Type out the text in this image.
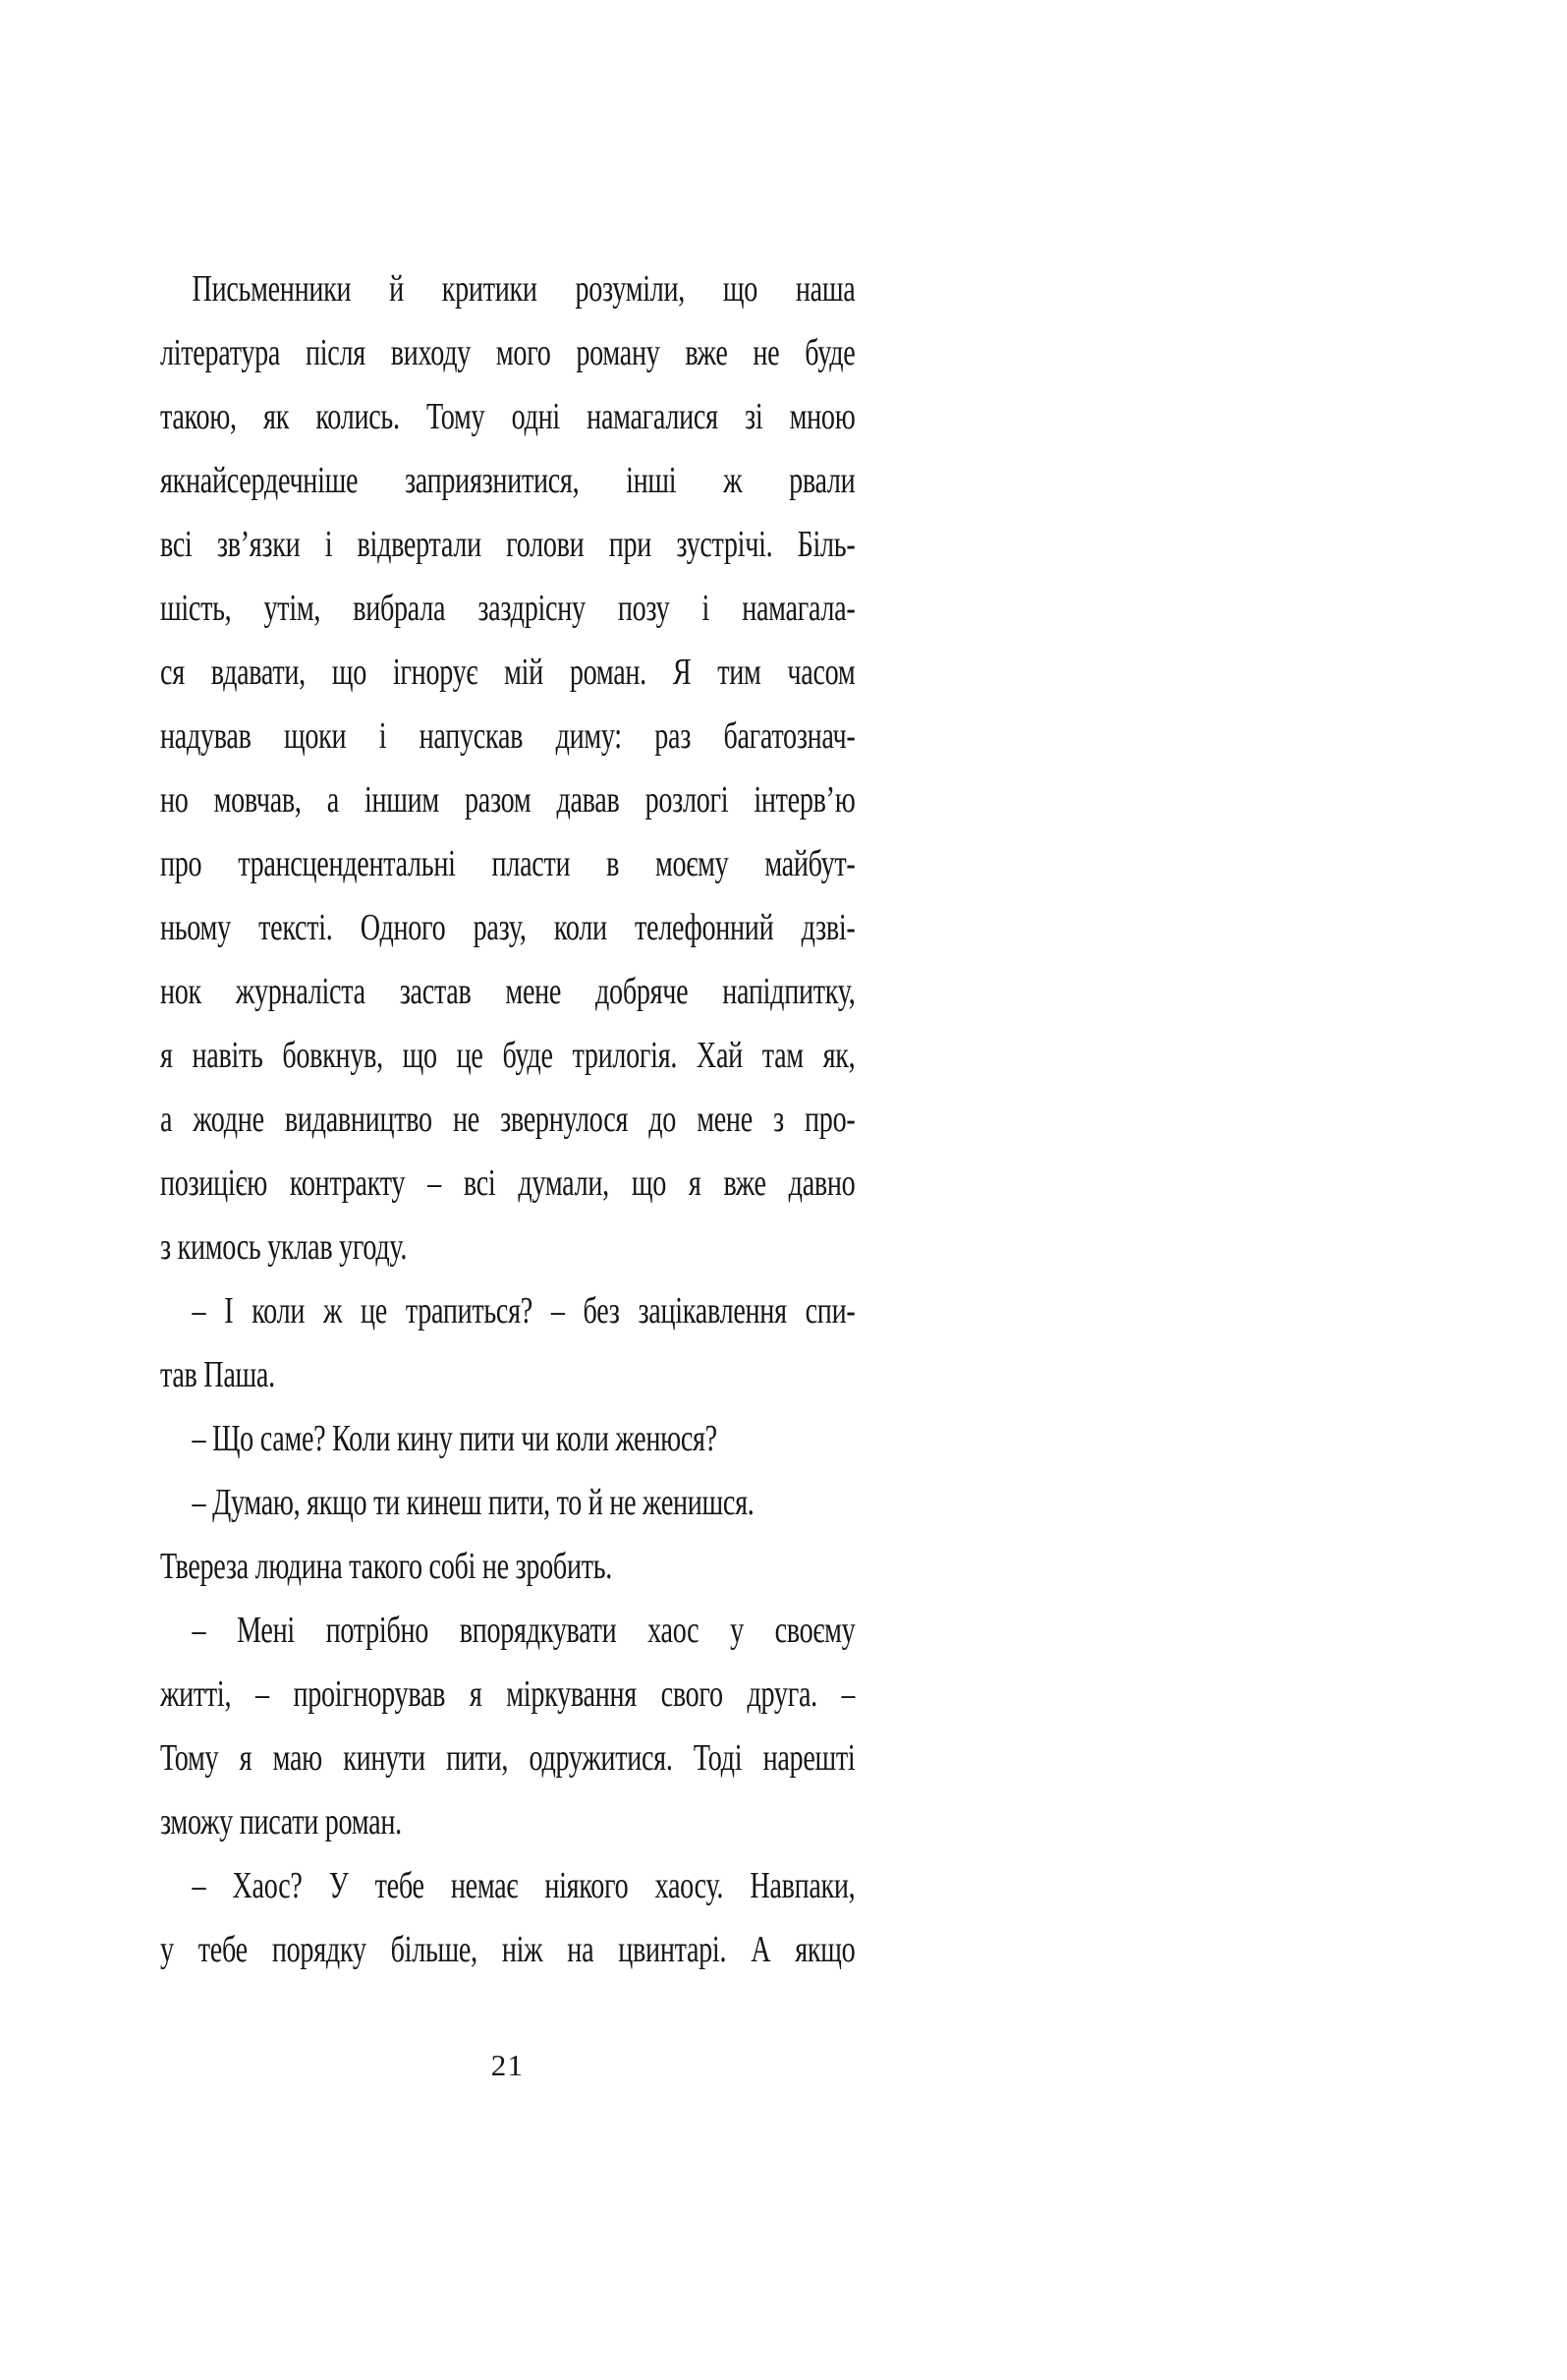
Письменники й критики розуміли, що наша
література після виходу мого роману вже не буде
такою, як колись. Тому одні намагалися зі мною
якнайсердечніше заприязнитися, інші ж рвали
всі зв’язки і відвертали голови при зустрічі. Біль-
шість, утім, вибрала заздрісну позу і намагала-
ся вдавати, що ігнорує мій роман. Я тим часом
надував щоки і напускав диму: раз багатознач-
но мовчав, а іншим разом давав розлогі інтерв’ю
про трансцендентальні пласти в моєму майбут-
ньому тексті. Одного разу, коли телефонний дзві-
нок журналіста застав мене добряче напідпитку,
я навіть бовкнув, що це буде трилогія. Хай там як,
а жодне видавництво не звернулося до мене з про-
позицією контракту – всі думали, що я вже давно
з кимось уклав угоду.
– І коли ж це трапиться? – без зацікавлення спи-
тав Паша.
– Що саме? Коли кину пити чи коли женюся?
– Думаю, якщо ти кинеш пити, то й не женишся.
Твереза людина такого собі не зробить.
– Мені потрібно впорядкувати хаос у своєму
житті, – проігнорував я міркування свого друга. –
Тому я маю кинути пити, одружитися. Тоді нарешті
зможу писати роман.
– Хаос? У тебе немає ніякого хаосу. Навпаки,
у тебе порядку більше, ніж на цвинтарі. А якщо
21
